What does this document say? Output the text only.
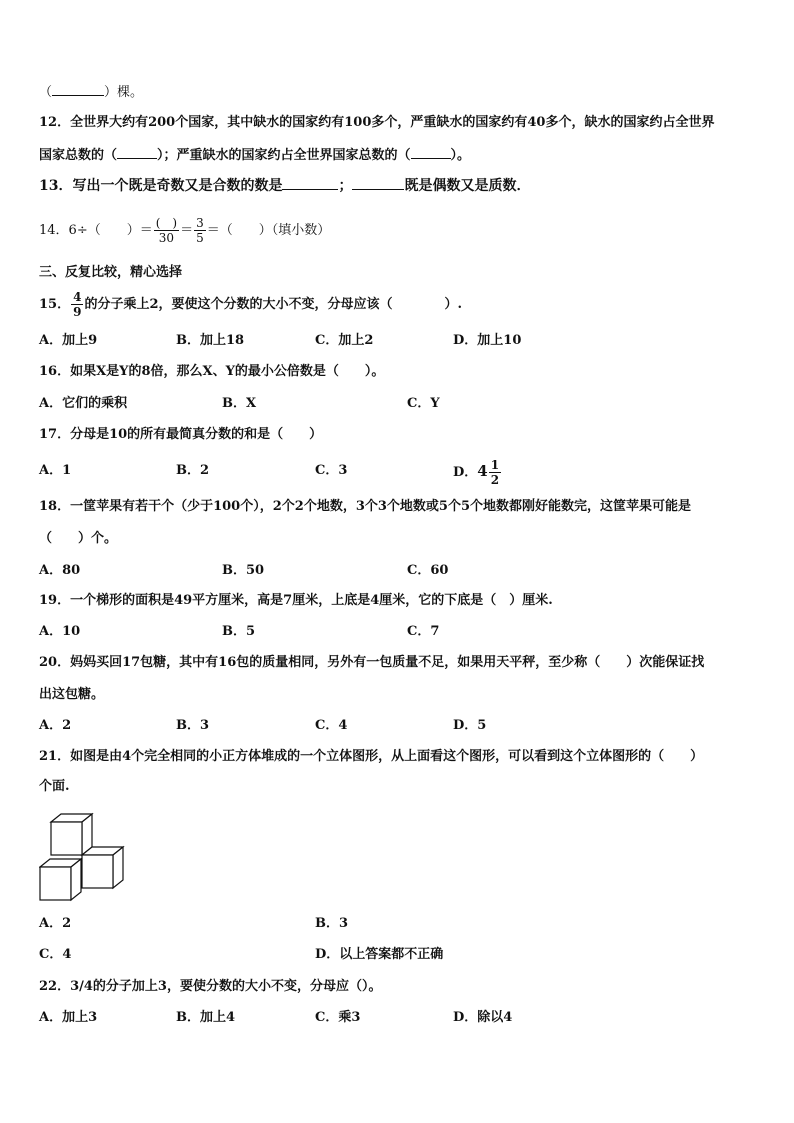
（	）棵。
12．全世界大约有200个国家，其中缺水的国家约有100多个，严重缺水的国家约有40多个，缺水的国家约占全世界
国家总数的（	）；严重缺水的国家约占全世界国家总数的（	）。
13．写出一个既是奇数又是合数的数是	；	既是偶数又是质数．
14．6÷（　　）＝ $\frac{( )}{30} = \frac{3}{5}$ ＝（　　）（填小数）
三、反复比较，精心选择
15． $\frac{4}{9}$ 的分子乘上2，要使这个分数的大小不变，分母应该（　　　　）.
A．加上9	B．加上18	C．加上2	D．加上10
16．如果X是Y的8倍，那么X、Y的最小公倍数是（　　）。
A．它们的乘积	B．X	C．Y
17．分母是10的所有最简真分数的和是（　　）
A．1	B．2	C．3	D．$4 \frac{1}{2}$
18．一筐苹果有若干个（少于100个），2个2个地数，3个3个地数或5个5个地数都刚好能数完，这筐苹果可能是
（　　）个。
A．80	B．50	C．60
19．一个梯形的面积是49平方厘米，高是7厘米，上底是4厘米，它的下底是（　）厘米.
A．10	B．5	C．7
20．妈妈买回17包糖，其中有16包的质量相同，另外有一包质量不足，如果用天平秤，至少称（　　）次能保证找
出这包糖。
A．2	B．3	C．4	D．5
21．如图是由4个完全相同的小正方体堆成的一个立体图形，从上面看这个图形，可以看到这个立体图形的（　　）
个面.
A．2	B．3
C．4	D．以上答案都不正确
22．3/4的分子加上3，要使分数的大小不变，分母应（）。
A．加上3	B．加上4	C．乘3	D．除以4
